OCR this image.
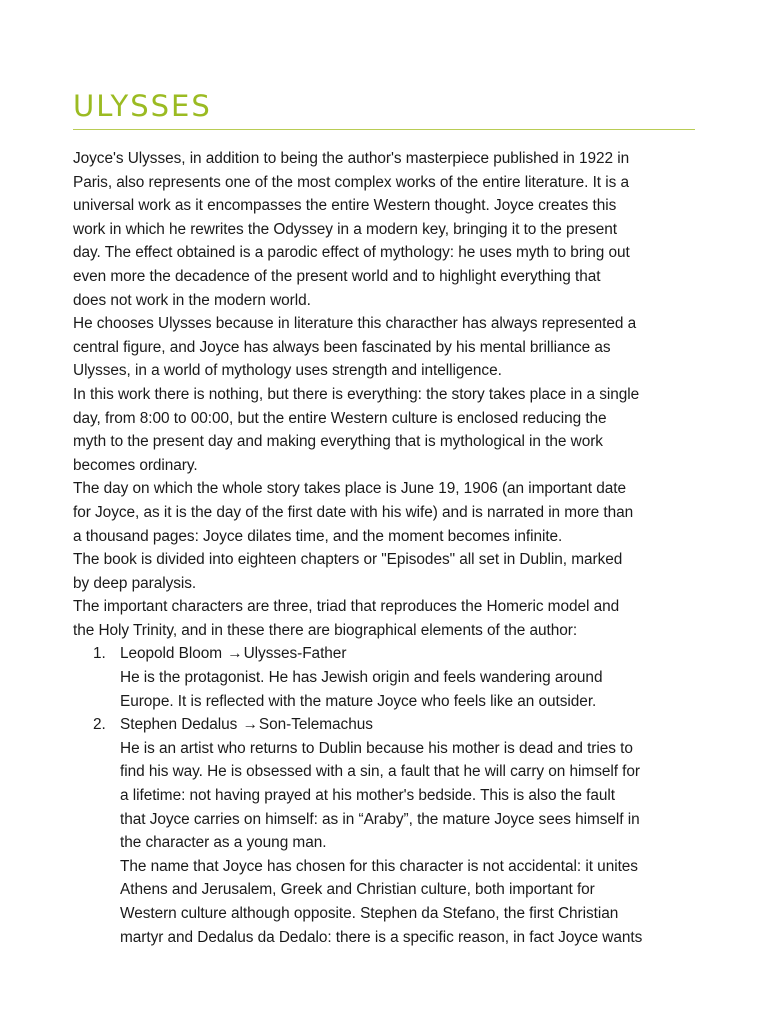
ULYSSES

Joyce's Ulysses, in addition to being the author's masterpiece published in 1922 in
Paris, also represents one of the most complex works of the entire literature. It is a
universal work as it encompasses the entire Western thought. Joyce creates this
work in which he rewrites the Odyssey in a modern key, bringing it to the present
day. The effect obtained is a parodic effect of mythology: he uses myth to bring out
even more the decadence of the present world and to highlight everything that
does not work in the modern world.

He chooses Ulysses because in literature this characther has always represented a
central figure, and Joyce has always been fascinated by his mental brilliance as
Ulysses, in a world of mythology uses strength and intelligence.

In this work there is nothing, but there is everything: the story takes place in a single
day, from 8:00 to 00:00, but the entire Western culture is enclosed reducing the
myth to the present day and making everything that is mythological in the work
becomes ordinary.

The day on which the whole story takes place is June 19, 1906 (an important date
for Joyce, as it is the day of the first date with his wife) and is narrated in more than
a thousand pages: Joyce dilates time, and the moment becomes infinite.

The book is divided into eighteen chapters or "Episodes" all set in Dublin, marked
by deep paralysis.

The important characters are three, triad that reproduces the Homeric model and
the Holy Trinity, and in these there are biographical elements of the author:

1. Leopold Bloom →Ulysses-Father

He is the protagonist. He has Jewish origin and feels wandering around
Europe. It is reflected with the mature Joyce who feels like an outsider.

2. Stephen Dedalus →Son-Telemachus

He is an artist who returns to Dublin because his mother is dead and tries to
find his way. He is obsessed with a sin, a fault that he will carry on himself for
a lifetime: not having prayed at his mother's bedside. This is also the fault
that Joyce carries on himself: as in “Araby”, the mature Joyce sees himself in
the character as a young man.

The name that Joyce has chosen for this character is not accidental: it unites
Athens and Jerusalem, Greek and Christian culture, both important for
Western culture although opposite. Stephen da Stefano, the first Christian
martyr and Dedalus da Dedalo: there is a specific reason, in fact Joyce wants
